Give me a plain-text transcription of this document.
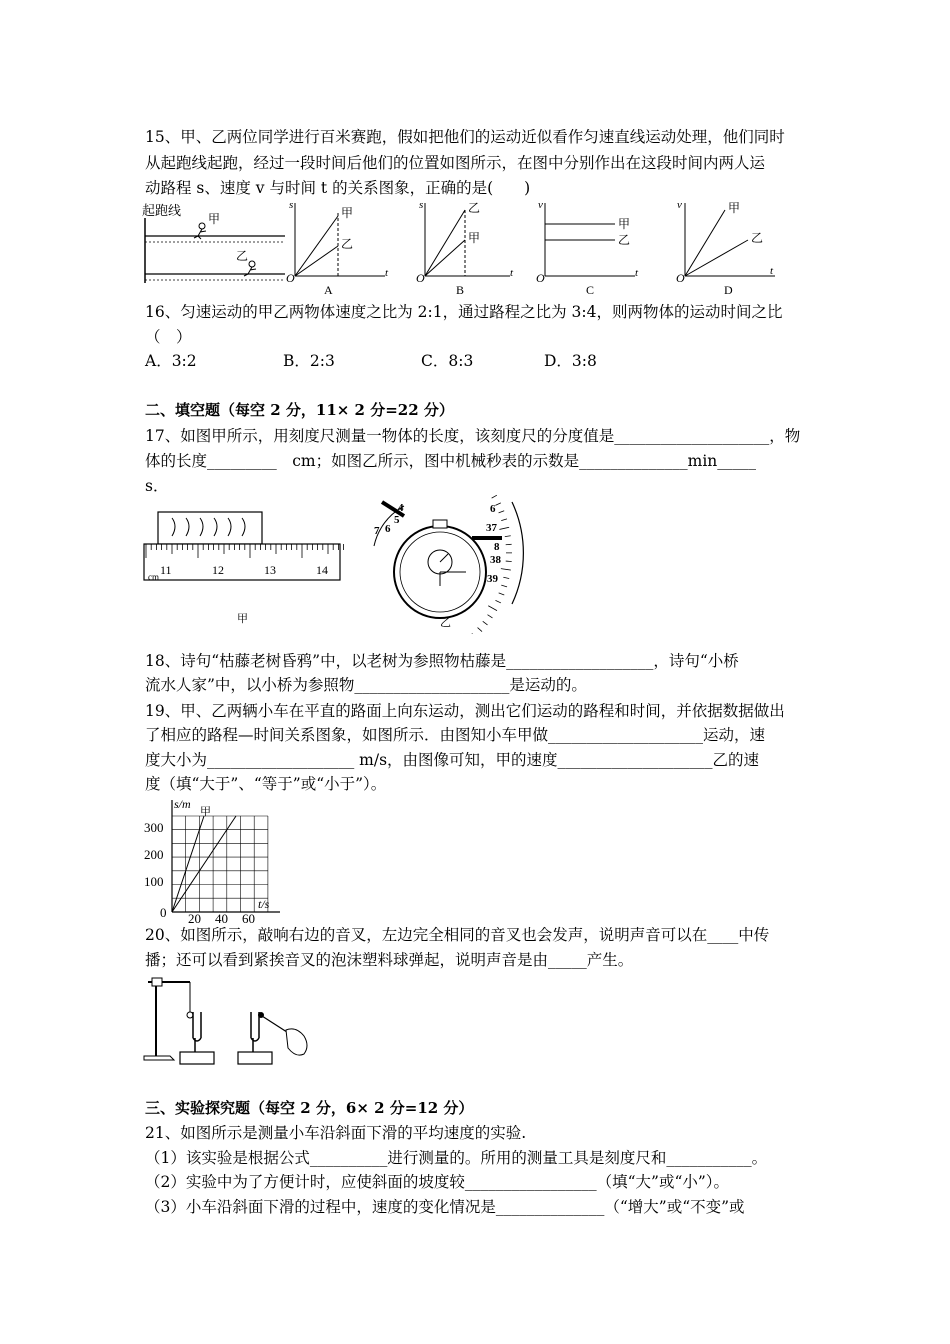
15、甲、乙两位同学进行百米赛跑，假如把他们的运动近似看作匀速直线运动处理，他们同时
从起跑线起跑，经过一段时间后他们的位置如图所示，在图中分别作出在这段时间内两人运
动路程 s、速度 v 与时间 t 的关系图象，正确的是(　　)
起跑线
甲
乙
s
t
O
甲
乙
A
s
t
O
乙
甲
B
v
t
O
甲
乙
C
v
t
O
甲
乙
D
16、匀速运动的甲乙两物体速度之比为 2:1，通过路程之比为 3:4，则两物体的运动时间之比
（　）
A．3:2	B．2:3	C．8:3	D．3:8
二、填空题（每空 2 分，11× 2 分=22 分）
17、如图甲所示，用刻度尺测量一物体的长度，该刻度尺的分度值是____________________，物
体的长度_________　cm；如图乙所示，图中机械秒表的示数是______________min_____
s．
11	12	13	14
cm
甲
4
5
6
7
6
37
8
38
39
乙
18、诗句“枯藤老树昏鸦”中，以老树为参照物枯藤是___________________，诗句“小桥
流水人家”中，以小桥为参照物____________________是运动的。
19、甲、乙两辆小车在平直的路面上向东运动，测出它们运动的路程和时间，并依据数据做出
了相应的路程—时间关系图象，如图所示．由图知小车甲做____________________运动，速
度大小为___________________ m/s，由图像可知，甲的速度____________________乙的速
度（填“大于”、“等于”或“小于”）。
s/m
t/s
甲
300
200
100
0 20 40 60
20、如图所示，敲响右边的音叉，左边完全相同的音叉也会发声，说明声音可以在____中传
播；还可以看到紧挨音叉的泡沫塑料球弹起，说明声音是由_____产生。
三、实验探究题（每空 2 分，6× 2 分=12 分）
21、如图所示是测量小车沿斜面下滑的平均速度的实验.
（1）该实验是根据公式__________进行测量的。所用的测量工具是刻度尺和___________。
（2）实验中为了方便计时，应使斜面的坡度较_________________（填“大”或“小”）。
（3）小车沿斜面下滑的过程中，速度的变化情况是______________（“增大”或“不变”或
